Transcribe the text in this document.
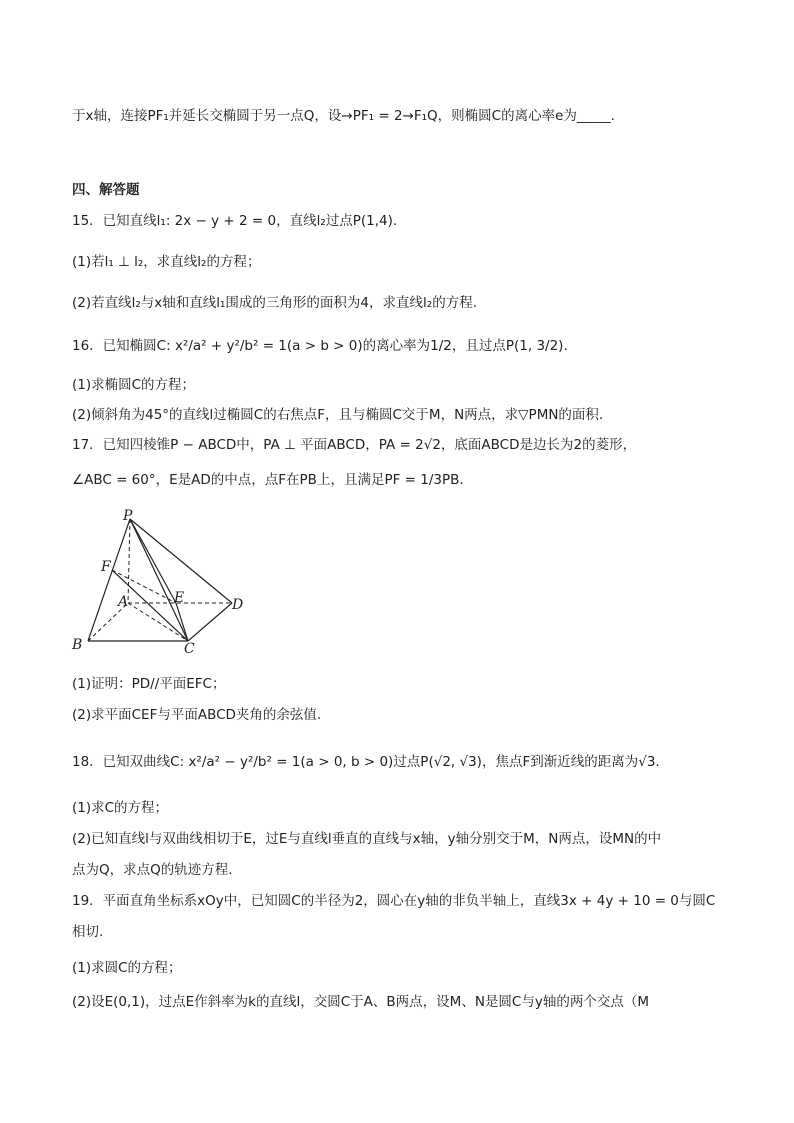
于x轴，连接PF₁并延长交椭圆于另一点Q，设→PF₁ = 2→F₁Q，则椭圆C的离心率e为_____.
四、解答题
15．已知直线l₁: 2x − y + 2 = 0，直线l₂过点P(1,4).
(1)若l₁ ⊥ l₂，求直线l₂的方程；
(2)若直线l₂与x轴和直线l₁围成的三角形的面积为4，求直线l₂的方程.
16．已知椭圆C: x²/a² + y²/b² = 1(a > b > 0)的离心率为1/2，且过点P(1, 3/2).
(1)求椭圆C的方程；
(2)倾斜角为45°的直线l过椭圆C的右焦点F，且与椭圆C交于M，N两点，求▽PMN的面积.
17．已知四棱锥P − ABCD中，PA ⊥ 平面ABCD，PA = 2√2，底面ABCD是边长为2的菱形，
∠ABC = 60°，E是AD的中点，点F在PB上，且满足PF = 1/3PB.
P
F
A	E	D
B	C
(1)证明：PD//平面EFC；
(2)求平面CEF与平面ABCD夹角的余弦值.
18．已知双曲线C: x²/a² − y²/b² = 1(a > 0, b > 0)过点P(√2, √3)，焦点F到渐近线的距离为√3.
(1)求C的方程；
(2)已知直线l与双曲线相切于E，过E与直线l垂直的直线与x轴，y轴分别交于M，N两点，设MN的中
点为Q，求点Q的轨迹方程.
19．平面直角坐标系xOy中，已知圆C的半径为2，圆心在y轴的非负半轴上，直线3x + 4y + 10 = 0与圆C
相切.
(1)求圆C的方程；
(2)设E(0,1)，过点E作斜率为k的直线l，交圆C于A、B两点，设M、N是圆C与y轴的两个交点（M
